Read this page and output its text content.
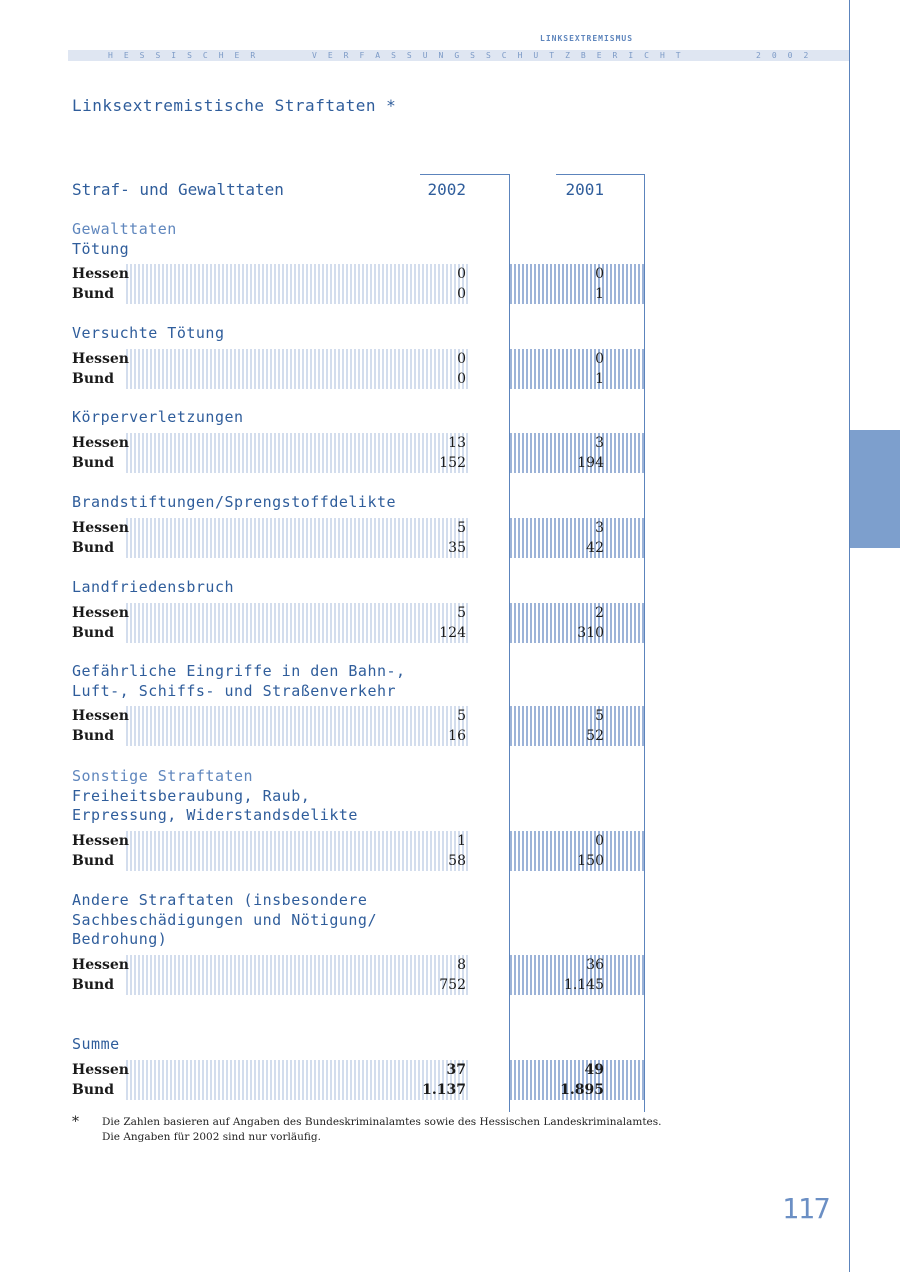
LINKSEXTREMISMUS
HESSISCHER	VERFASSUNGSSCHUTZBERICHT	2002
Linksextremistische Straftaten *
Straf- und Gewalttaten	2002	2001
Gewalttaten
Tötung
Hessen	0	0
Bund	0	1
Versuchte Tötung
Hessen	0	0
Bund	0	1
Körperverletzungen
Hessen	13	3
Bund	152	194
Brandstiftungen/Sprengstoffdelikte
Hessen	5	3
Bund	35	42
Landfriedensbruch
Hessen	5	2
Bund	124	310
Gefährliche Eingriffe in den Bahn-,
Luft-, Schiffs- und Straßenverkehr
Hessen	5	5
Bund	16	52
Sonstige Straftaten
Freiheitsberaubung, Raub,
Erpressung, Widerstandsdelikte
Hessen	1	0
Bund	58	150
Andere Straftaten (insbesondere
Sachbeschädigungen und Nötigung/
Bedrohung)
Hessen	8	36
Bund	752	1.145
Summe
Hessen	37	49
Bund	1.137	1.895
* Die Zahlen basieren auf Angaben des Bundeskriminalamtes sowie des Hessischen Landeskriminalamtes.
Die Angaben für 2002 sind nur vorläufig.
117
